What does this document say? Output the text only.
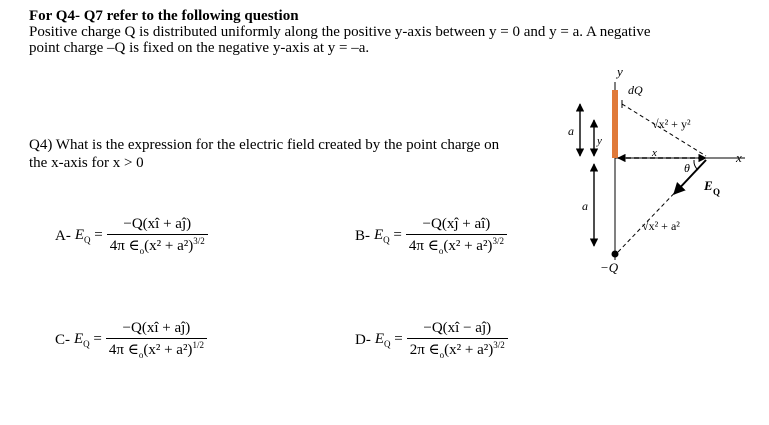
For Q4- Q7 refer to the following question
Positive charge Q is distributed uniformly along the positive y-axis between y = 0 and y = a. A negative
point charge –Q is fixed on the negative y-axis at y = –a.
Q4) What is the expression for the electric field created by the point charge on
the x-axis for x > 0
A- $E_Q = \frac{-Q(xî + aĵ)}{4\pi \in_o(x^2 + a^2)^{3/2}}$	B- $E_Q = \frac{-Q(xĵ + aî)}{4\pi \in_o(x^2 + a^2)^{3/2}}$
C- $E_Q = \frac{-Q(xî + aĵ)}{4\pi \in_o(x^2 + a^2)^{1/2}}$	D- $E_Q = \frac{-Q(xî - aĵ)}{2\pi \in_o(x^2 + a^2)^{3/2}}$
y
x
dQ
a
y
x
a
−Q
√x² + y²
√x² + a²
θ
E Q
